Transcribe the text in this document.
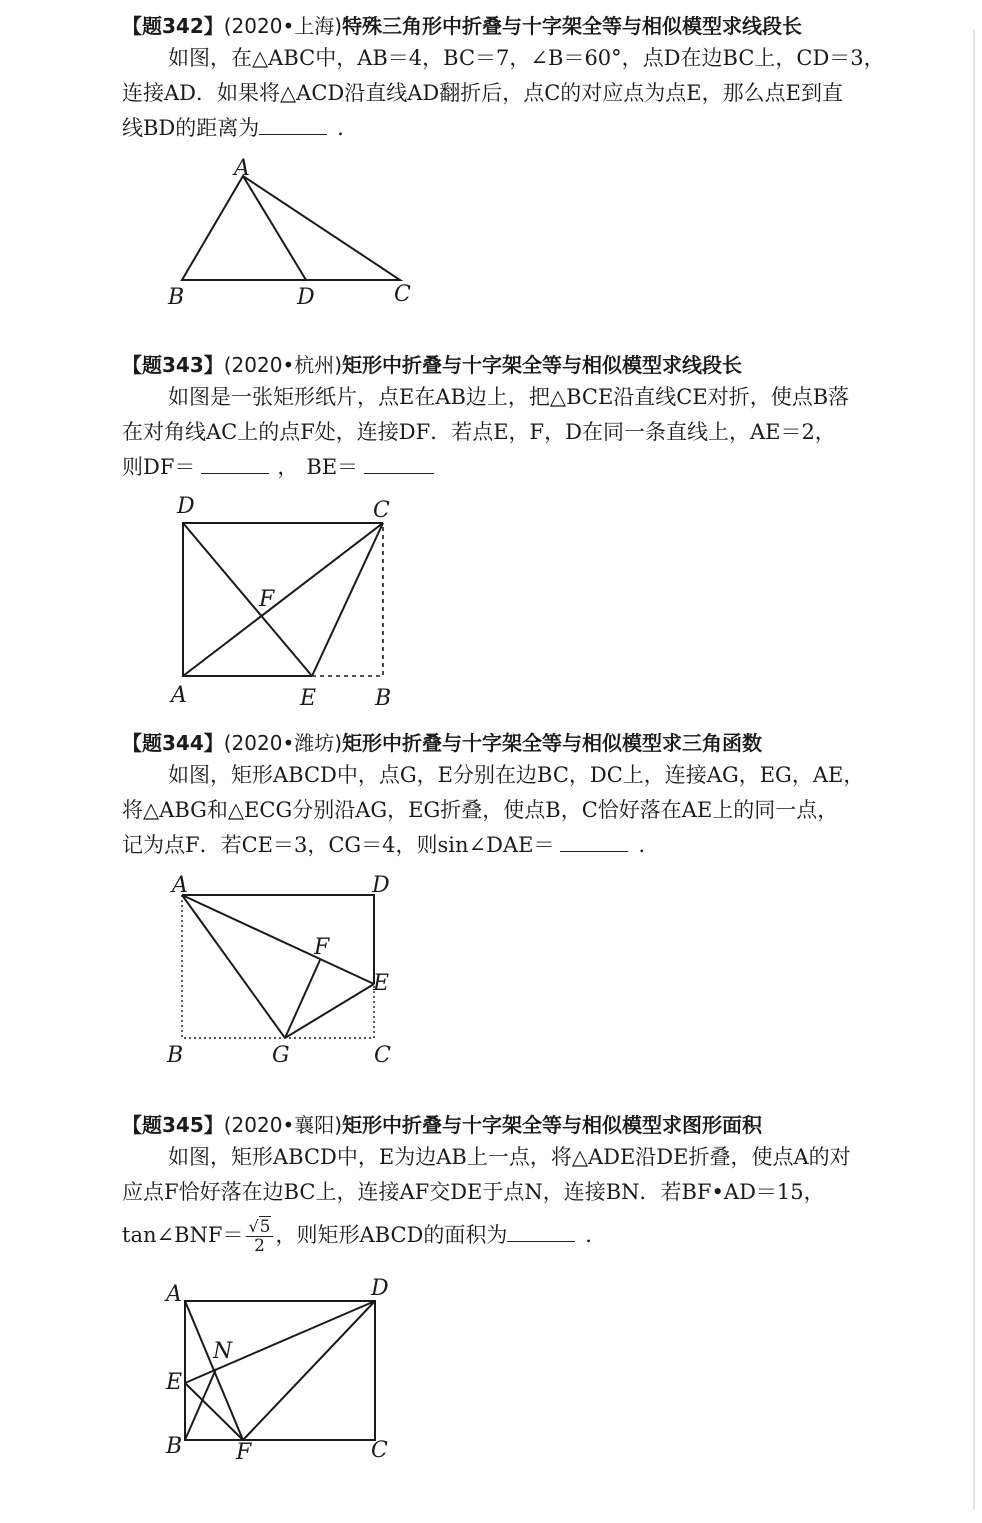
【题342】(2020•上海)特殊三角形中折叠与十字架全等与相似模型求线段长
如图，在△ABC中，AB＝4，BC＝7，∠B＝60°，点D在边BC上，CD＝3，
连接AD．如果将△ACD沿直线AD翻折后，点C的对应点为点E，那么点E到直
线BD的距离为	．
A
B	D	C
【题343】(2020•杭州)矩形中折叠与十字架全等与相似模型求线段长
如图是一张矩形纸片，点E在AB边上，把△BCE沿直线CE对折，使点B落
在对角线AC上的点F处，连接DF．若点E，F，D在同一条直线上，AE＝2，
则DF＝	， BE＝
D	C
F
A	E	B
【题344】(2020•潍坊)矩形中折叠与十字架全等与相似模型求三角函数
如图，矩形ABCD中，点G，E分别在边BC，DC上，连接AG，EG，AE，
将△ABG和△ECG分别沿AG，EG折叠，使点B，C恰好落在AE上的同一点，
记为点F．若CE＝3，CG＝4，则sin∠DAE＝	．
A	D
F
E
B	G	C
【题345】(2020•襄阳)矩形中折叠与十字架全等与相似模型求图形面积
如图，矩形ABCD中，E为边AB上一点，将△ADE沿DE折叠，使点A的对
应点F恰好落在边BC上，连接AF交DE于点N，连接BN．若BF•AD＝15，
tan∠BNF＝ $\frac{√5}{2}$ ，则矩形ABCD的面积为	．
A	D
N
E
B F	C
